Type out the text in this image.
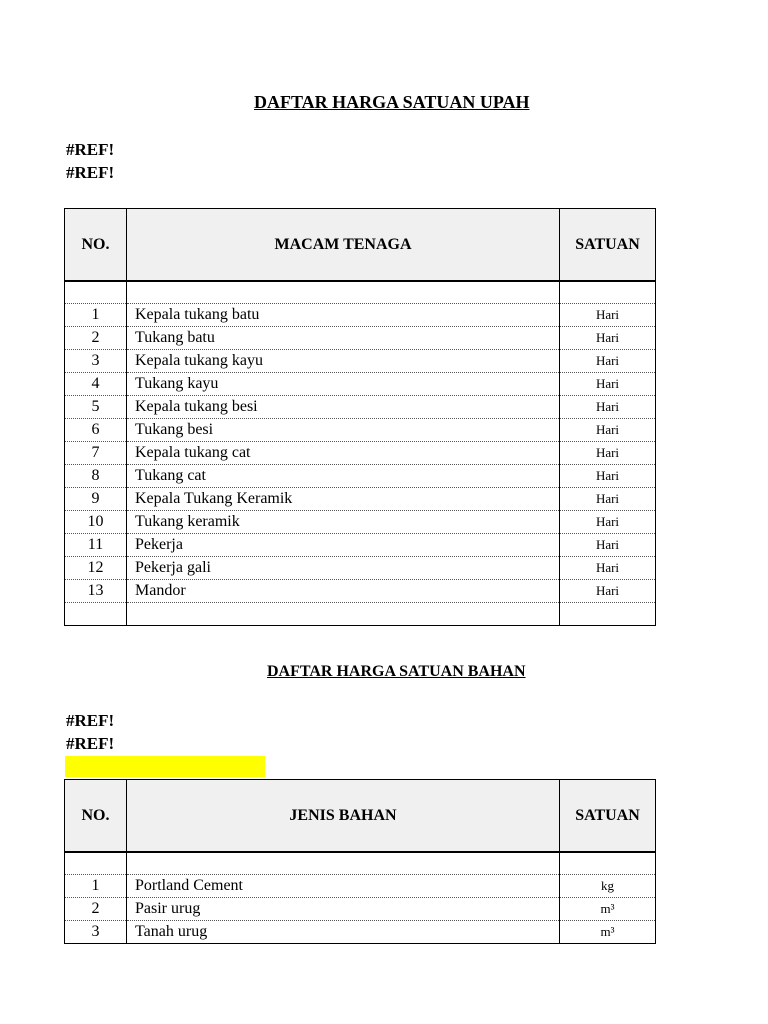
DAFTAR HARGA SATUAN UPAH
#REF!
#REF!
NO.	MACAM TENAGA	SATUAN

1	Kepala tukang batu	Hari
2	Tukang batu	Hari
3	Kepala tukang kayu	Hari
4	Tukang kayu	Hari
5	Kepala tukang besi	Hari
6	Tukang besi	Hari
7	Kepala tukang cat	Hari
8	Tukang cat	Hari
9	Kepala Tukang Keramik	Hari
10	Tukang keramik	Hari
11	Pekerja	Hari
12	Pekerja gali	Hari
13	Mandor	Hari

DAFTAR HARGA SATUAN BAHAN
#REF!
#REF!
NO.	JENIS BAHAN	SATUAN

1	Portland Cement	kg
2	Pasir urug	m³
3	Tanah urug	m³
